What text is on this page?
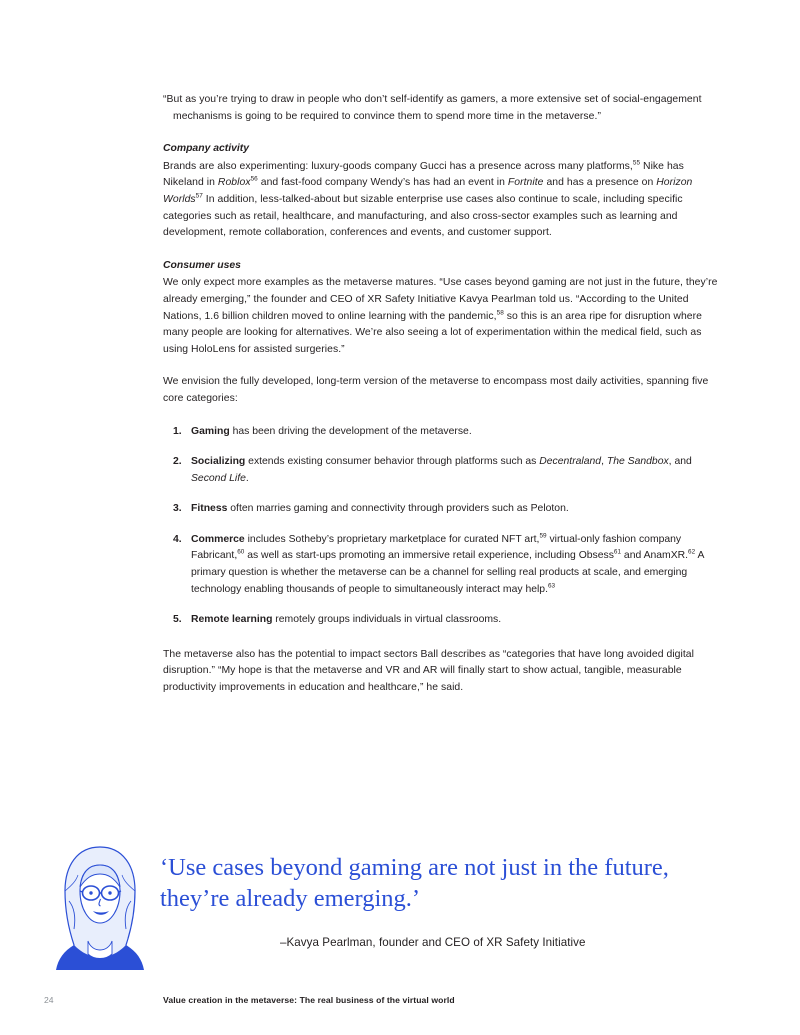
“But as you’re trying to draw in people who don’t self-identify as gamers, a more extensive set of social-engagement mechanisms is going to be required to convince them to spend more time in the metaverse.”

Company activity

Brands are also experimenting: luxury-goods company Gucci has a presence across many platforms,$^{55}$ Nike has Nikeland in Roblox$^{56}$ and fast-food company Wendy’s has had an event in Fortnite and has a presence on Horizon Worlds$^{57}$ In addition, less-talked-about but sizable enterprise use cases also continue to scale, including specific categories such as retail, healthcare, and manufacturing, and also cross-sector examples such as learning and development, remote collaboration, conferences and events, and customer support.

Consumer uses

We only expect more examples as the metaverse matures. “Use cases beyond gaming are not just in the future, they’re already emerging,” the founder and CEO of XR Safety Initiative Kavya Pearlman told us. “According to the United Nations, 1.6 billion children moved to online learning with the pandemic,$^{58}$ so this is an area ripe for disruption where many people are looking for alternatives. We’re also seeing a lot of experimentation within the medical field, such as using HoloLens for assisted surgeries.”

We envision the fully developed, long-term version of the metaverse to encompass most daily activities, spanning five core categories:

Gaming has been driving the development of the metaverse.
Socializing extends existing consumer behavior through platforms such as Decentraland, The Sandbox, and Second Life.
Fitness often marries gaming and connectivity through providers such as Peloton.
Commerce includes Sotheby’s proprietary marketplace for curated NFT art,$^{59}$ virtual-only fashion company Fabricant,$^{60}$ as well as start-ups promoting an immersive retail experience, including Obsess$^{61}$ and AnamXR.$^{62}$ A primary question is whether the metaverse can be a channel for selling real products at scale, and emerging technology enabling thousands of people to simultaneously interact may help.$^{63}$
Remote learning remotely groups individuals in virtual classrooms.

The metaverse also has the potential to impact sectors Ball describes as “categories that have long avoided digital disruption.” “My hope is that the metaverse and VR and AR will finally start to show actual, tangible, measurable productivity improvements in education and healthcare,” he said.

‘Use cases beyond gaming are not just in the future,
they’re already emerging.’
–Kavya Pearlman, founder and CEO of XR Safety Initiative
24	Value creation in the metaverse: The real business of the virtual world
